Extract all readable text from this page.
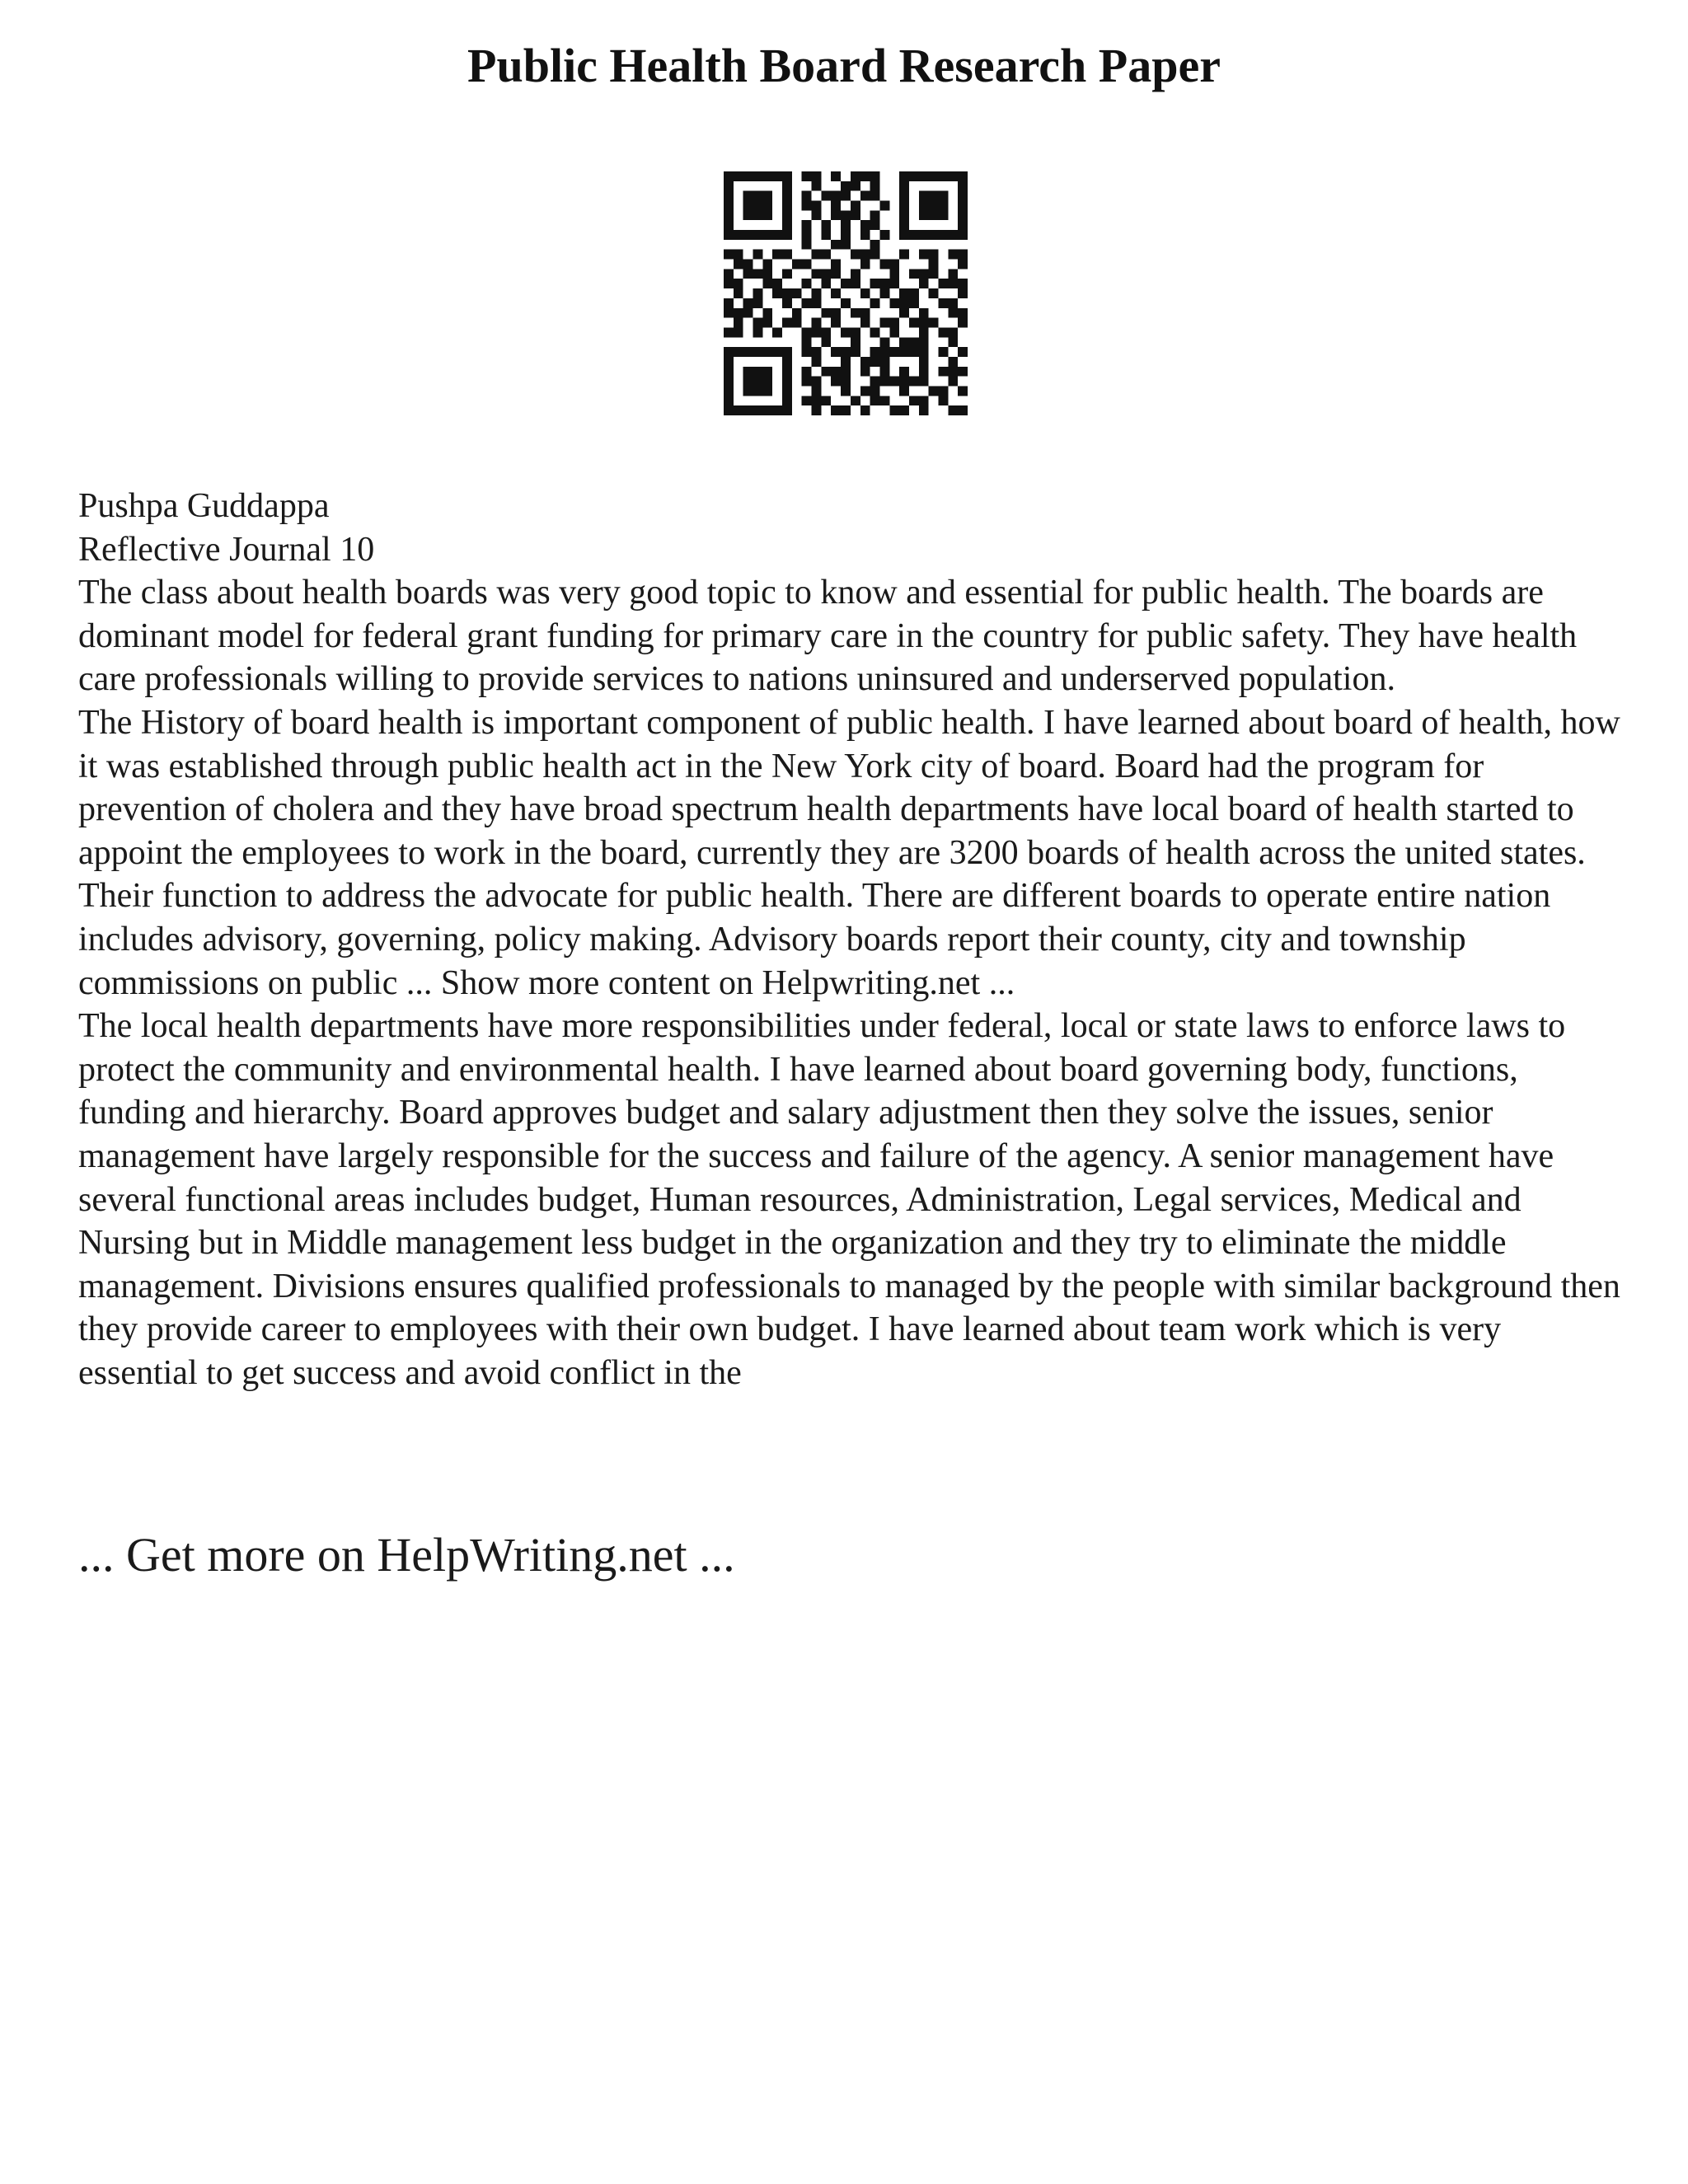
Public Health Board Research Paper

Pushpa Guddappa

Reflective Journal 10

The class about health boards was very good topic to know and essential for public health. The boards are dominant model for federal grant funding for primary care in the country for public safety. They have health care professionals willing to provide services to nations uninsured and underserved population.

The History of board health is important component of public health. I have learned about board of health, how it was established through public health act in the New York city of board. Board had the program for prevention of cholera and they have broad spectrum health departments have local board of health started to appoint the employees to work in the board, currently they are 3200 boards of health across the united states. Their function to address the advocate for public health. There are different boards to operate entire nation includes advisory, governing, policy making. Advisory boards report their county, city and township commissions on public ... Show more content on Helpwriting.net ...

The local health departments have more responsibilities under federal, local or state laws to enforce laws to protect the community and environmental health. I have learned about board governing body, functions, funding and hierarchy. Board approves budget and salary adjustment then they solve the issues, senior management have largely responsible for the success and failure of the agency. A senior management have several functional areas includes budget, Human resources, Administration, Legal services, Medical and Nursing but in Middle management less budget in the organization and they try to eliminate the middle management. Divisions ensures qualified professionals to managed by the people with similar background then they provide career to employees with their own budget. I have learned about team work which is very essential to get success and avoid conflict in the

... Get more on HelpWriting.net ...
